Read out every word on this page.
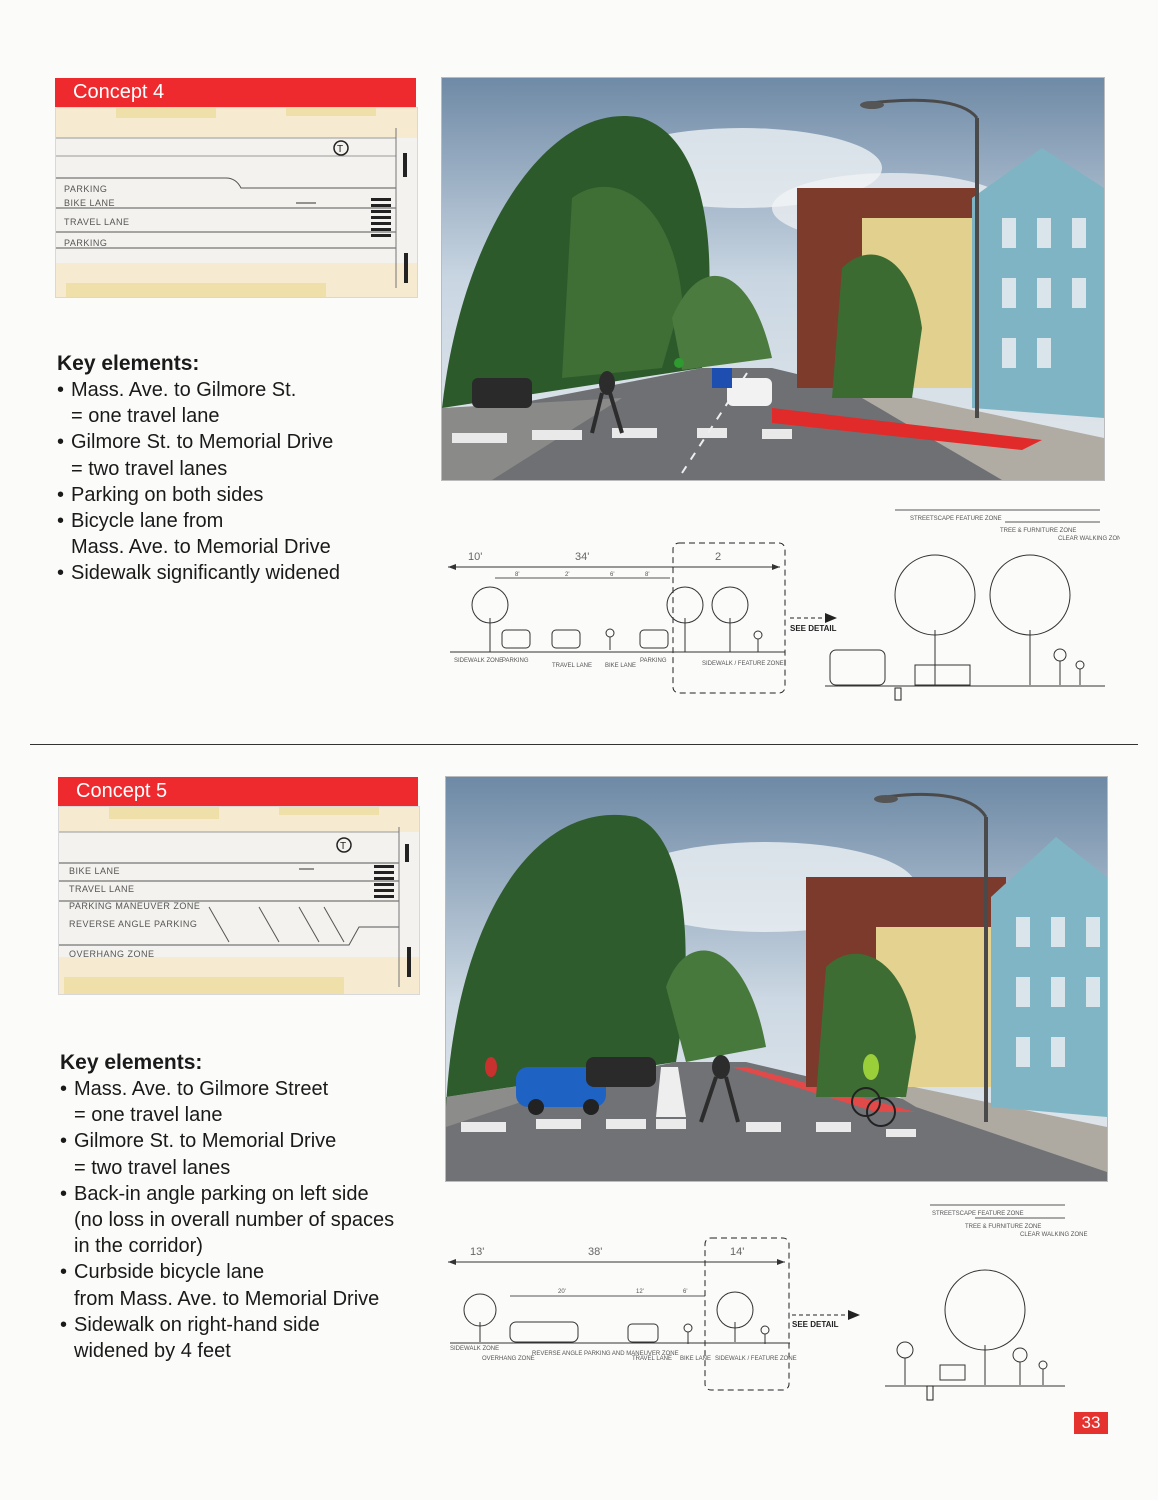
Concept 4
T
PARKING
BIKE LANE
TRAVEL LANE
PARKING
Key elements:
• Mass. Ave. to Gilmore St.
= one travel lane
• Gilmore St. to Memorial Drive
= two travel lanes
• Parking on both sides
• Bicycle lane from
Mass. Ave. to Memorial Drive
• Sidewalk significantly widened
10'	34'	2
8'	2'	6'	8'
SIDEWALK ZONE
PARKING
TRAVEL LANE BIKE LANE
PARKING	SIDEWALK / FEATURE ZONE
SEE DETAIL
STREETSCAPE FEATURE ZONE
TREE & FURNITURE ZONE
CLEAR WALKING ZONE
Concept 5
T
BIKE LANE
TRAVEL LANE
PARKING MANEUVER ZONE
REVERSE ANGLE PARKING
OVERHANG ZONE
Key elements:
• Mass. Ave. to Gilmore Street
= one travel lane
• Gilmore St. to Memorial Drive
= two travel lanes
• Back-in angle parking on left side
(no loss in overall number of spaces
in the corridor)
• Curbside bicycle lane
from Mass. Ave. to Memorial Drive
• Sidewalk on right-hand side
widened by 4 feet
13'	38'	14'
20'	12'	6'
SIDEWALK ZONE
OVERHANG ZONE
REVERSE ANGLE PARKING AND MANEUVER ZONE
TRAVEL LANE BIKE LANE SIDEWALK / FEATURE ZONE
SEE DETAIL
STREETSCAPE FEATURE ZONE
TREE & FURNITURE ZONE
CLEAR WALKING ZONE
33
